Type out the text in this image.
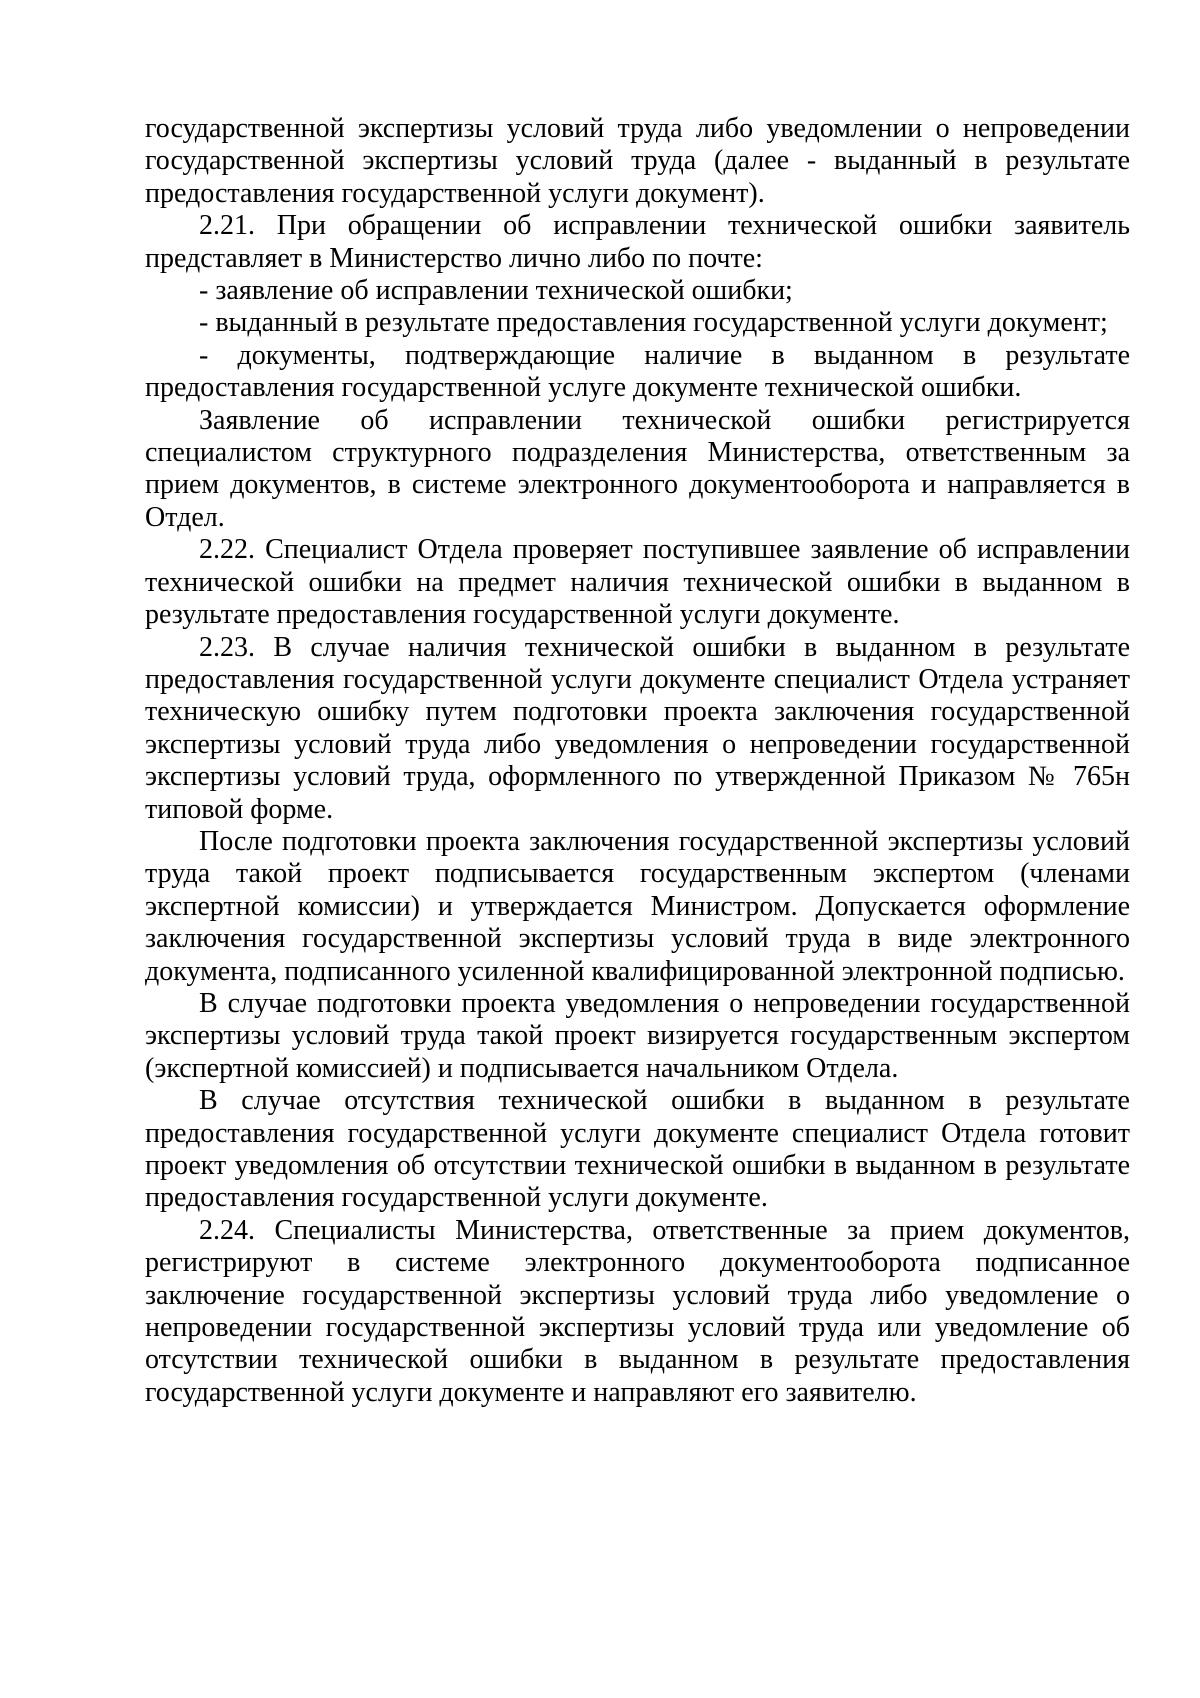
государственной экспертизы условий труда либо уведомлении о непроведении государственной экспертизы условий труда (далее - выданный в результате предоставления государственной услуги документ).

2.21. При обращении об исправлении технической ошибки заявитель представляет в Министерство лично либо по почте:

- заявление об исправлении технической ошибки;

- выданный в результате предоставления государственной услуги документ;

- документы, подтверждающие наличие в выданном в результате предоставления государственной услуге документе технической ошибки.

Заявление об исправлении технической ошибки регистрируется специалистом структурного подразделения Министерства, ответственным за прием документов, в системе электронного документооборота и направляется в Отдел.

2.22. Специалист Отдела проверяет поступившее заявление об исправлении технической ошибки на предмет наличия технической ошибки в выданном в результате предоставления государственной услуги документе.

2.23. В случае наличия технической ошибки в выданном в результате предоставления государственной услуги документе специалист Отдела устраняет техническую ошибку путем подготовки проекта заключения государственной экспертизы условий труда либо уведомления о непроведении государственной экспертизы условий труда, оформленного по утвержденной Приказом № 765н типовой форме.

После подготовки проекта заключения государственной экспертизы условий труда такой проект подписывается государственным экспертом (членами экспертной комиссии) и утверждается Министром. Допускается оформление заключения государственной экспертизы условий труда в виде электронного документа, подписанного усиленной квалифицированной электронной подписью.

В случае подготовки проекта уведомления о непроведении государственной экспертизы условий труда такой проект визируется государственным экспертом (экспертной комиссией) и подписывается начальником Отдела.

В случае отсутствия технической ошибки в выданном в результате предоставления государственной услуги документе специалист Отдела готовит проект уведомления об отсутствии технической ошибки в выданном в результате предоставления государственной услуги документе.

2.24. Специалисты Министерства, ответственные за прием документов, регистрируют в системе электронного документооборота подписанное заключение государственной экспертизы условий труда либо уведомление о непроведении государственной экспертизы условий труда или уведомление об отсутствии технической ошибки в выданном в результате предоставления государственной услуги документе и направляют его заявителю.
